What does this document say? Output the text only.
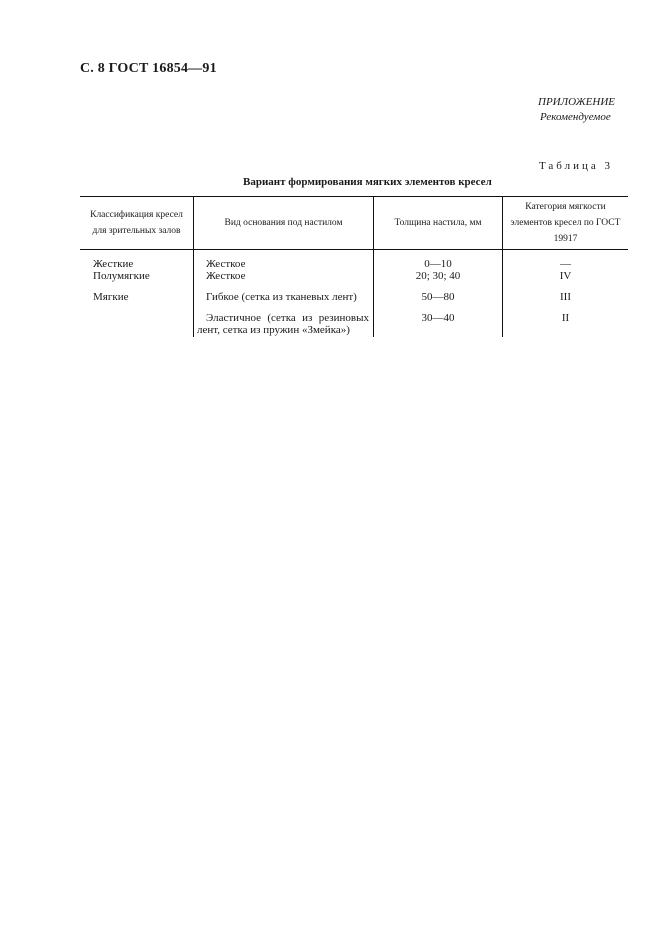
С. 8 ГОСТ 16854—91
ПРИЛОЖЕНИЕ
Рекомендуемое
Таблица 3
Вариант формирования мягких элементов кресел
Классификация кресел для зрительных залов	Вид основания под настилом	Толщина настила, мм	Категория мягкости элементов кресел по ГОСТ 19917
Жесткие	Жесткое	0—10	—
Полумягкие	Жесткое	20; 30; 40	IV

Мягкие	Гибкое (сетка из тканевых лент)	50—80	III

	Эластичное (сетка из резиновых лент, сетка из пружин «Змейка»)	30—40	II
